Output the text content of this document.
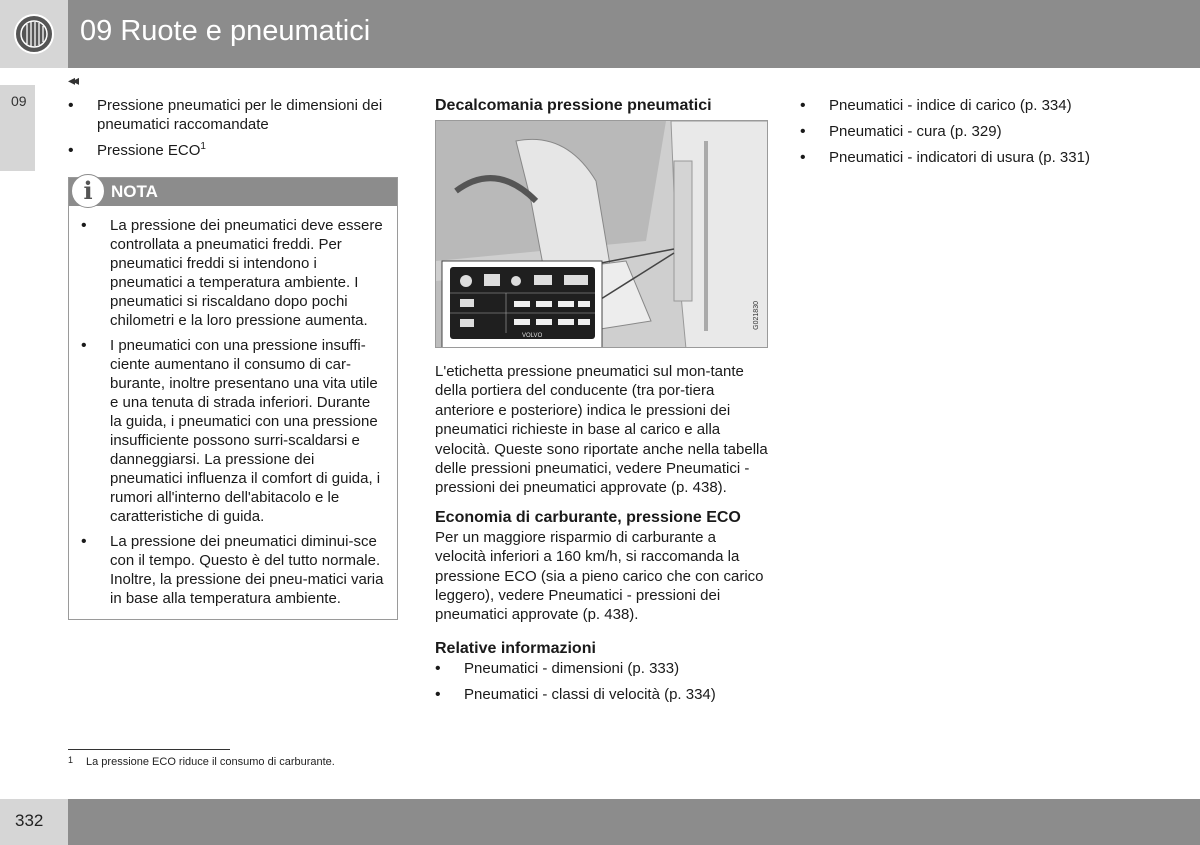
09 Ruote e pneumatici
09
◂◂
• Pressione pneumatici per le dimensioni dei pneumatici raccomandate
• Pressione ECO$^1$
i
NOTA
• La pressione dei pneumatici deve essere controllata a pneumatici freddi. Per pneumatici freddi si intendono i pneumatici a temperatura ambiente. I pneumatici si riscaldano dopo pochi chilometri e la loro pressione aumenta.
• I pneumatici con una pressione insuffi-ciente aumentano il consumo di car-burante, inoltre presentano una vita utile e una tenuta di strada inferiori. Durante la guida, i pneumatici con una pressione insufficiente possono surri-scaldarsi e danneggiarsi. La pressione dei pneumatici influenza il comfort di guida, i rumori all'interno dell'abitacolo e le caratteristiche di guida.
• La pressione dei pneumatici diminui-sce con il tempo. Questo è del tutto normale. Inoltre, la pressione dei pneu-matici varia in base alla temperatura ambiente.
Decalcomania pressione pneumatici
VOLVO
G021830

L'etichetta pressione pneumatici sul mon-tante della portiera del conducente (tra por-tiera anteriore e posteriore) indica le pressioni dei pneumatici richieste in base al carico e alla velocità. Queste sono riportate anche nella tabella delle pressioni pneumatici, vedere Pneumatici - pressioni dei pneumatici approvate (p. 438).

Economia di carburante, pressione ECO

Per un maggiore risparmio di carburante a velocità inferiori a 160 km/h, si raccomanda la pressione ECO (sia a pieno carico che con carico leggero), vedere Pneumatici - pressioni dei pneumatici approvate (p. 438).

Relative informazioni
• Pneumatici - dimensioni (p. 333)
• Pneumatici - classi di velocità (p. 334)
• Pneumatici - indice di carico (p. 334)
• Pneumatici - cura (p. 329)
• Pneumatici - indicatori di usura (p. 331)
1 La pressione ECO riduce il consumo di carburante.
332
